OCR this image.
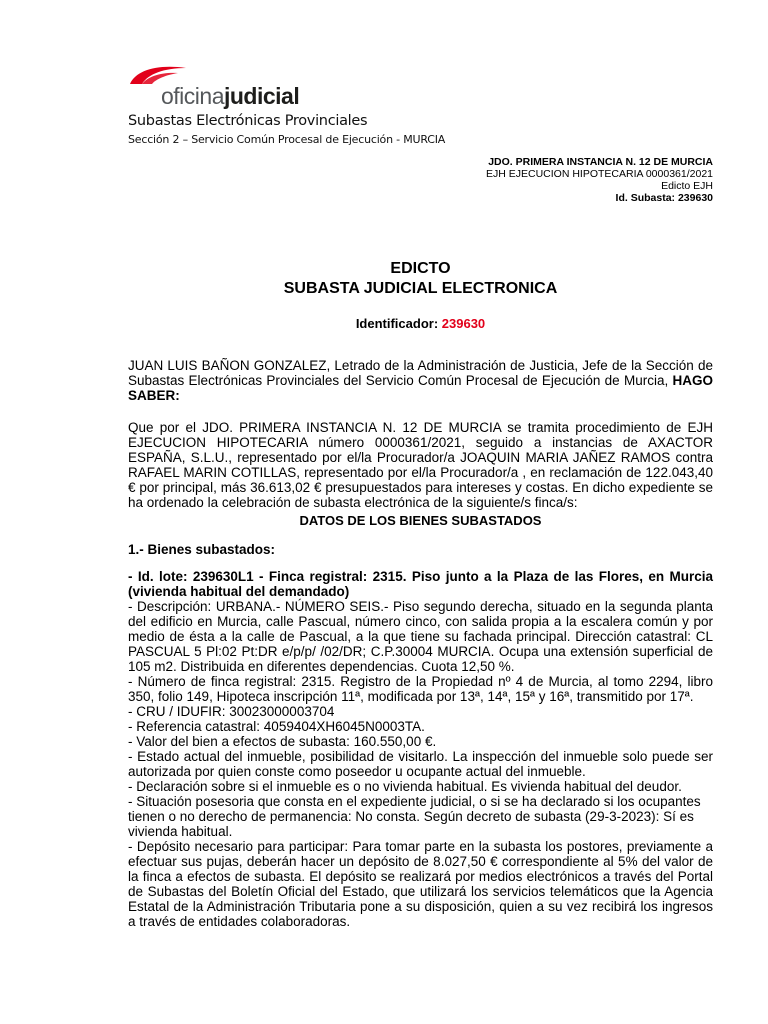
oficinajudicial
Subastas Electrónicas Provinciales
Sección 2 – Servicio Común Procesal de Ejecución - MURCIA
JDO. PRIMERA INSTANCIA N. 12 DE MURCIA
EJH EJECUCION HIPOTECARIA 0000361/2021
Edicto EJH
Id. Subasta: 239630
EDICTO
SUBASTA JUDICIAL ELECTRONICA
Identificador: 239630
JUAN LUIS BAÑON GONZALEZ, Letrado de la Administración de Justicia, Jefe de la Sección de Subastas Electrónicas Provinciales del Servicio Común Procesal de Ejecución de Murcia, HAGO SABER:
Que por el JDO. PRIMERA INSTANCIA N. 12 DE MURCIA se tramita procedimiento de EJH EJECUCION HIPOTECARIA número 0000361/2021, seguido a instancias de AXACTOR ESPAÑA, S.L.U., representado por el/la Procurador/a JOAQUIN MARIA JAÑEZ RAMOS contra RAFAEL MARIN COTILLAS, representado por el/la Procurador/a , en reclamación de 122.043,40 € por principal, más 36.613,02 € presupuestados para intereses y costas. En dicho expediente se ha ordenado la celebración de subasta electrónica de la siguiente/s finca/s:
DATOS DE LOS BIENES SUBASTADOS
1.- Bienes subastados:
- Id. lote: 239630L1 - Finca registral: 2315. Piso junto a la Plaza de las Flores, en Murcia (vivienda habitual del demandado)
- Descripción: URBANA.- NÚMERO SEIS.- Piso segundo derecha, situado en la segunda planta del edificio en Murcia, calle Pascual, número cinco, con salida propia a la escalera común y por medio de ésta a la calle de Pascual, a la que tiene su fachada principal. Dirección catastral: CL PASCUAL 5 Pl:02 Pt:DR e/p/p/ /02/DR; C.P.30004 MURCIA. Ocupa una extensión superficial de 105 m2. Distribuida en diferentes dependencias. Cuota 12,50 %.
- Número de finca registral: 2315. Registro de la Propiedad nº 4 de Murcia, al tomo 2294, libro 350, folio 149, Hipoteca inscripción 11ª, modificada por 13ª, 14ª, 15ª y 16ª, transmitido por 17ª.
- CRU / IDUFIR: 30023000003704
- Referencia catastral: 4059404XH6045N0003TA.
- Valor del bien a efectos de subasta: 160.550,00 €.
- Estado actual del inmueble, posibilidad de visitarlo. La inspección del inmueble solo puede ser autorizada por quien conste como poseedor u ocupante actual del inmueble.
- Declaración sobre si el inmueble es o no vivienda habitual. Es vivienda habitual del deudor.
- Situación posesoria que consta en el expediente judicial, o si se ha declarado si los ocupantes tienen o no derecho de permanencia: No consta. Según decreto de subasta (29-3-2023): Sí es vivienda habitual.
- Depósito necesario para participar: Para tomar parte en la subasta los postores, previamente a efectuar sus pujas, deberán hacer un depósito de 8.027,50 € correspondiente al 5% del valor de la finca a efectos de subasta. El depósito se realizará por medios electrónicos a través del Portal de Subastas del Boletín Oficial del Estado, que utilizará los servicios telemáticos que la Agencia Estatal de la Administración Tributaria pone a su disposición, quien a su vez recibirá los ingresos a través de entidades colaboradoras.
